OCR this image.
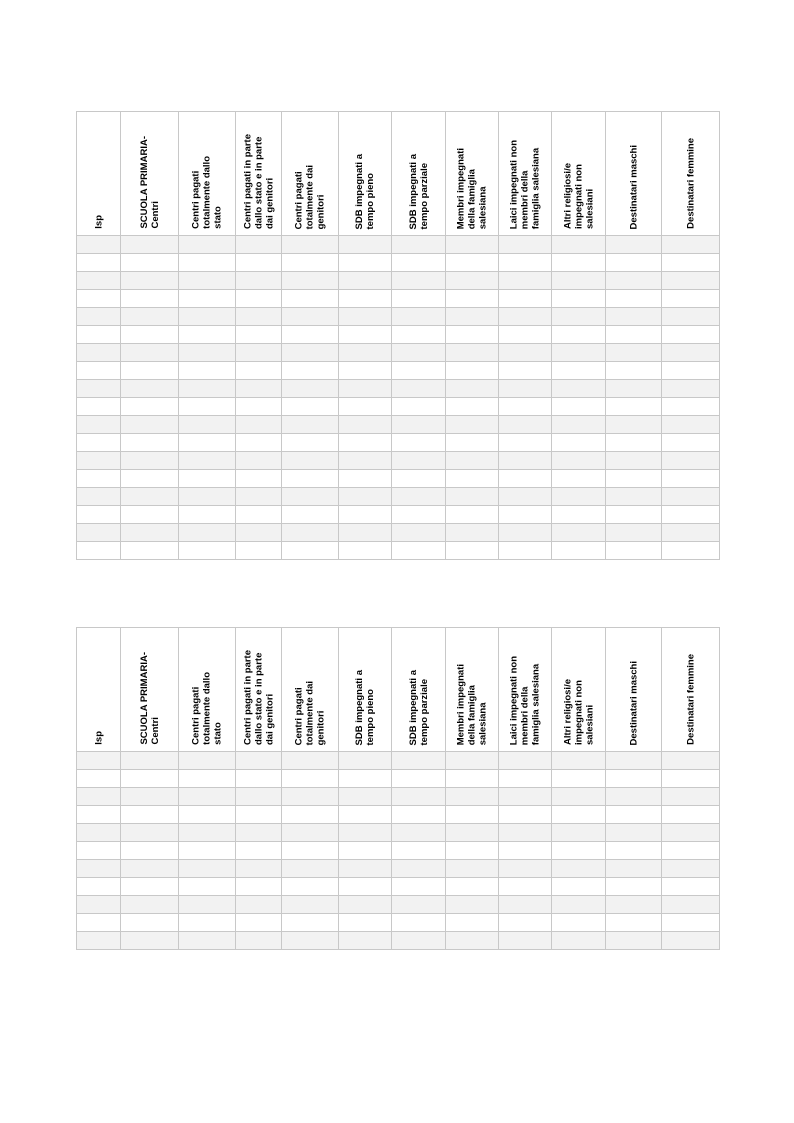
Isp	SCUOLA PRIMARIA-
Centri	Centri pagati
totalmente dallo
stato	Centri pagati in parte
dallo stato e in parte
dai genitori	Centri pagati
totalmente dai
genitori	SDB impegnati a
tempo pieno	SDB impegnati a
tempo parziale	Membri impegnati
della famiglia
salesiana	Laici impegnati non
membri della
famiglia salesiana	Altri religiosi/e
impegnati non
salesiani	Destinatari maschi	Destinatari femmine

Isp	SCUOLA PRIMARIA-
Centri	Centri pagati
totalmente dallo
stato	Centri pagati in parte
dallo stato e in parte
dai genitori	Centri pagati
totalmente dai
genitori	SDB impegnati a
tempo pieno	SDB impegnati a
tempo parziale	Membri impegnati
della famiglia
salesiana	Laici impegnati non
membri della
famiglia salesiana	Altri religiosi/e
impegnati non
salesiani	Destinatari maschi	Destinatari femmine
